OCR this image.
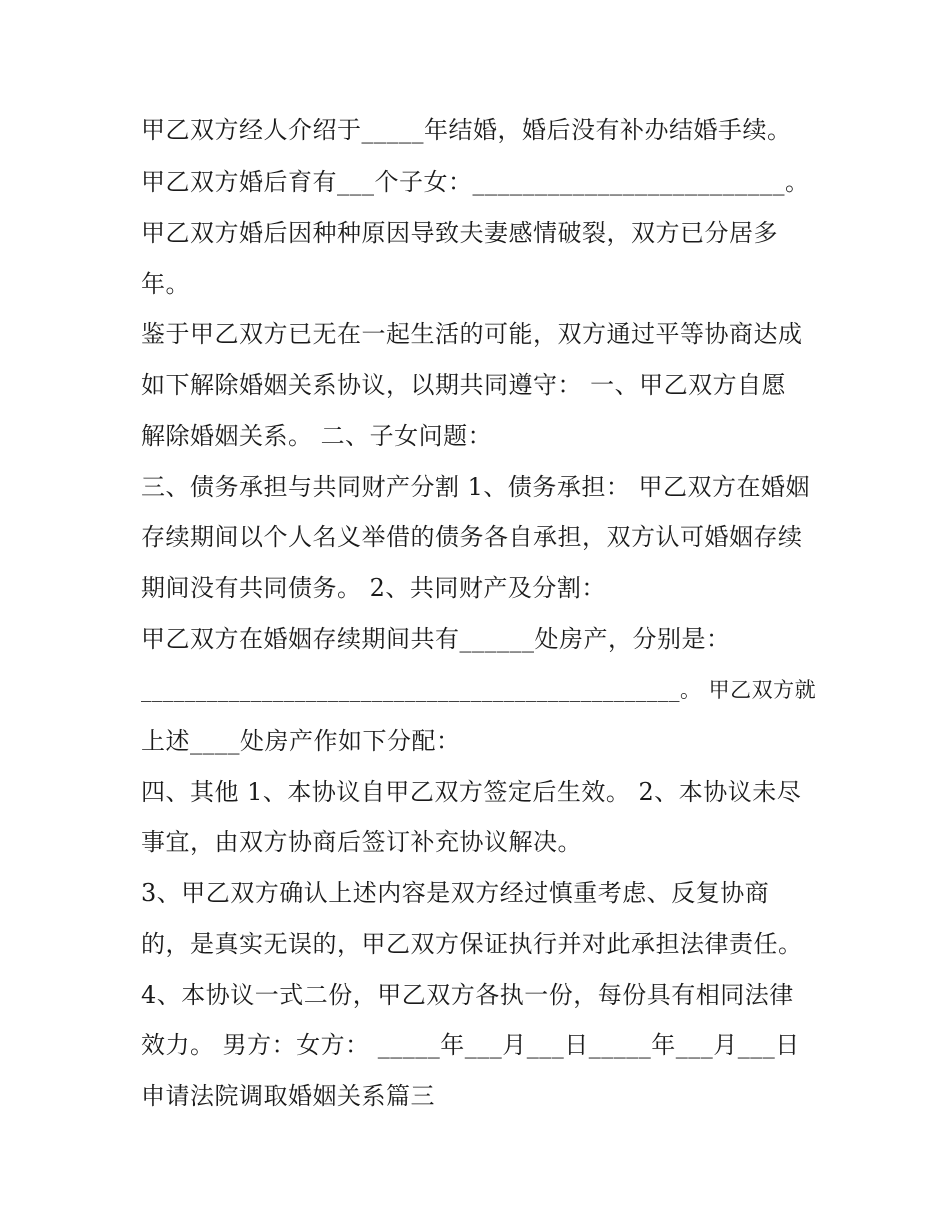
甲乙双方经人介绍于_____年结婚，婚后没有补办结婚手续。
甲乙双方婚后育有___个子女：_________________________。
甲乙双方婚后因种种原因导致夫妻感情破裂，双方已分居多
年。
鉴于甲乙双方已无在一起生活的可能，双方通过平等协商达成
如下解除婚姻关系协议，以期共同遵守： 一、甲乙双方自愿
解除婚姻关系。 二、子女问题：
三、债务承担与共同财产分割 1、债务承担： 甲乙双方在婚姻
存续期间以个人名义举借的债务各自承担，双方认可婚姻存续
期间没有共同债务。 2、共同财产及分割：
甲乙双方在婚姻存续期间共有______处房产，分别是：
_________________________________________________。 甲乙双方就
上述____处房产作如下分配：
四、其他 1、本协议自甲乙双方签定后生效。 2、本协议未尽
事宜，由双方协商后签订补充协议解决。
3、甲乙双方确认上述内容是双方经过慎重考虑、反复协商
的，是真实无误的，甲乙双方保证执行并对此承担法律责任。
4、本协议一式二份，甲乙双方各执一份，每份具有相同法律
效力。 男方：女方： _____年___月___日_____年___月___日
申请法院调取婚姻关系篇三
